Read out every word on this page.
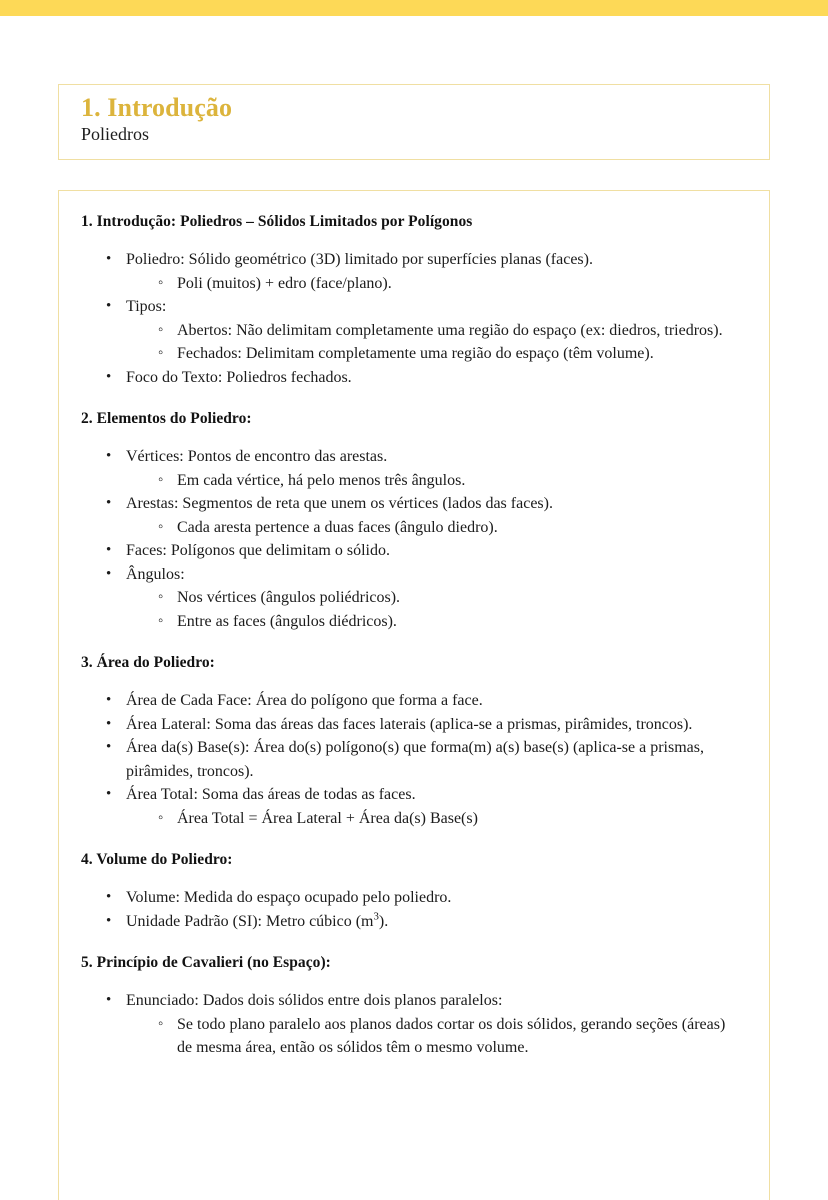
1. Introdução
Poliedros
1. Introdução: Poliedros – Sólidos Limitados por Polígonos
• Poliedro: Sólido geométrico (3D) limitado por superfícies planas (faces).
◦ Poli (muitos) + edro (face/plano).
• Tipos:
◦ Abertos: Não delimitam completamente uma região do espaço (ex: diedros, triedros).
◦ Fechados: Delimitam completamente uma região do espaço (têm volume).
• Foco do Texto: Poliedros fechados.
2. Elementos do Poliedro:
• Vértices: Pontos de encontro das arestas.
◦ Em cada vértice, há pelo menos três ângulos.
• Arestas: Segmentos de reta que unem os vértices (lados das faces).
◦ Cada aresta pertence a duas faces (ângulo diedro).
• Faces: Polígonos que delimitam o sólido.
• Ângulos:
◦ Nos vértices (ângulos poliédricos).
◦ Entre as faces (ângulos diédricos).
3. Área do Poliedro:
• Área de Cada Face: Área do polígono que forma a face.
• Área Lateral: Soma das áreas das faces laterais (aplica-se a prismas, pirâmides, troncos).
• Área da(s) Base(s): Área do(s) polígono(s) que forma(m) a(s) base(s) (aplica-se a prismas, pirâmides, troncos).
• Área Total: Soma das áreas de todas as faces.
◦ Área Total = Área Lateral + Área da(s) Base(s)
4. Volume do Poliedro:
• Volume: Medida do espaço ocupado pelo poliedro.
• Unidade Padrão (SI): Metro cúbico $(m^3)$.
5. Princípio de Cavalieri (no Espaço):
• Enunciado: Dados dois sólidos entre dois planos paralelos:
◦ Se todo plano paralelo aos planos dados cortar os dois sólidos, gerando seções (áreas) de mesma área, então os sólidos têm o mesmo volume.
